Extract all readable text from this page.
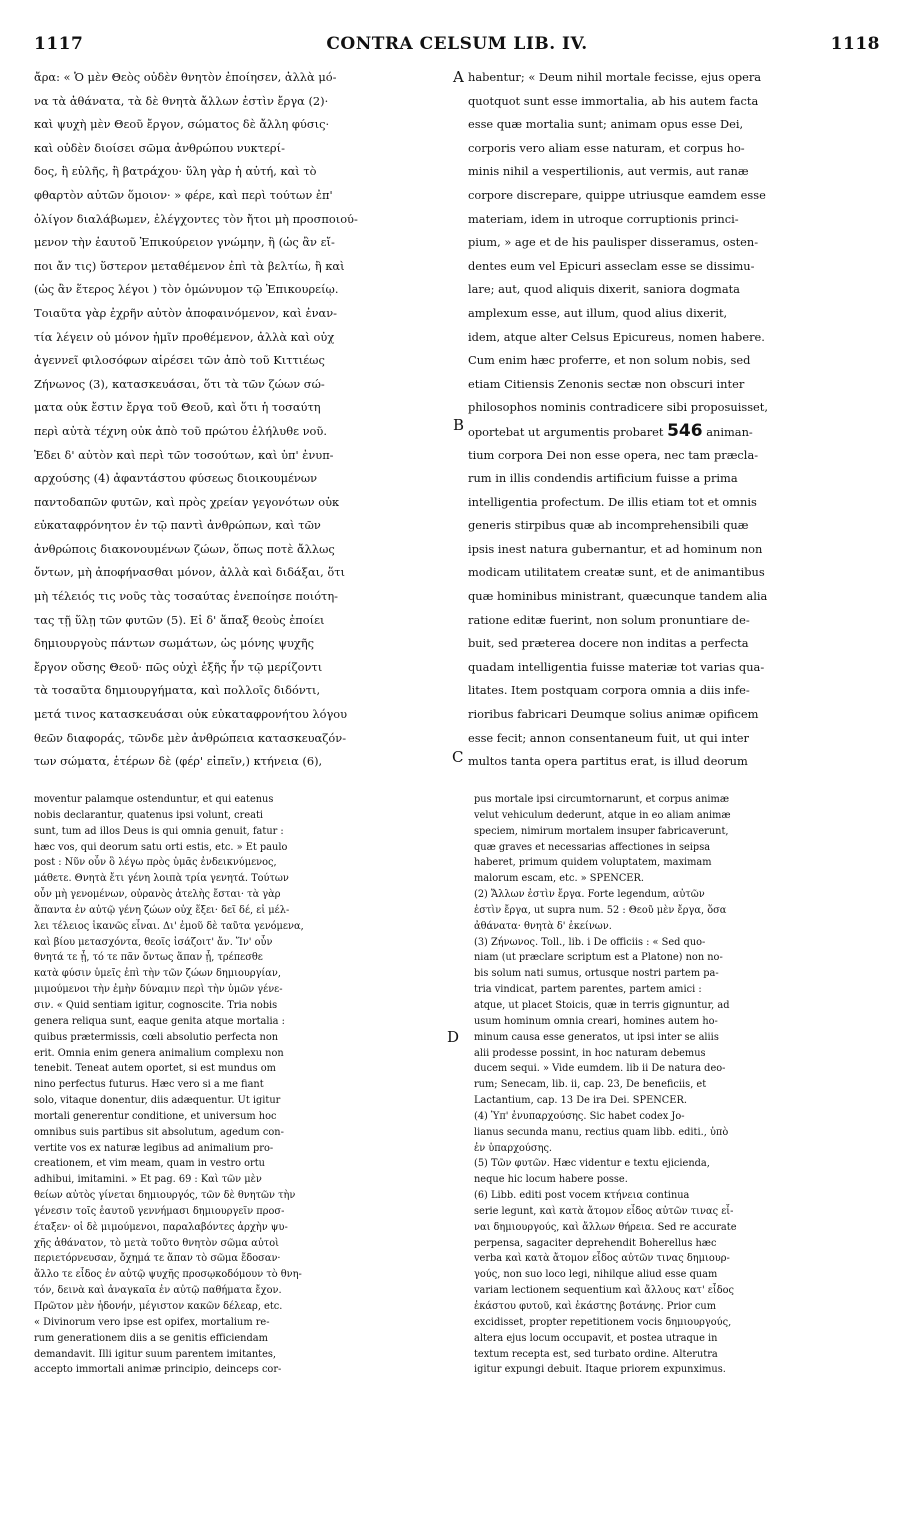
1117	CONTRA CELSUM LIB. IV.	1118
ἄρα: « Ὁ μὲν Θεὸς οὐδὲν θνητὸν ἐποίησεν, ἀλλὰ μό-
να τὰ ἀθάνατα, τὰ δὲ θνητὰ ἄλλων ἐστὶν ἔργα (2)·
καὶ ψυχὴ μὲν Θεοῦ ἔργον, σώματος δὲ ἄλλη φύσις·
καὶ οὐδὲν διοίσει σῶμα ἀνθρώπου νυκτερί-
δος, ἢ εὐλῆς, ἢ βατράχου· ὕλη γὰρ ἡ αὐτή, καὶ τὸ
φθαρτὸν αὐτῶν ὅμοιον· » φέρε, καὶ περὶ τούτων ἐπ'
ὀλίγον διαλάβωμεν, ἐλέγχοντες τὸν ἤτοι μὴ προσποιού-
μενον τὴν ἑαυτοῦ Ἐπικούρειον γνώμην, ἢ (ὡς ἂν εἴ-
ποι ἄν τις) ὕστερον μεταθέμενον ἐπὶ τὰ βελτίω, ἢ καὶ
(ὡς ἂν ἕτερος λέγοι ) τὸν ὁμώνυμον τῷ Ἐπικουρείῳ.
Τοιαῦτα γὰρ ἐχρῆν αὐτὸν ἀποφαινόμενον, καὶ ἐναν-
τία λέγειν οὐ μόνον ἡμῖν προθέμενον, ἀλλὰ καὶ οὐχ
ἀγεννεῖ φιλοσόφων αἱρέσει τῶν ἀπὸ τοῦ Κιττιέως
Ζήνωνος (3), κατασκευάσαι, ὅτι τὰ τῶν ζώων σώ-
ματα οὐκ ἔστιν ἔργα τοῦ Θεοῦ, καὶ ὅτι ἡ τοσαύτη
περὶ αὐτὰ τέχνη οὐκ ἀπὸ τοῦ πρώτου ἐλήλυθε νοῦ.
Ἐδει δ' αὐτὸν καὶ περὶ τῶν τοσούτων, καὶ ὑπ' ἐνυπ-
αρχούσης (4) ἀφαντάστου φύσεως διοικουμένων
παντοδαπῶν φυτῶν, καὶ πρὸς χρείαν γεγονότων οὐκ
εὐκαταφρόνητον ἐν τῷ παντὶ ἀνθρώπων, καὶ τῶν
ἀνθρώποις διακονουμένων ζώων, ὅπως ποτὲ ἄλλως
ὄντων, μὴ ἀποφήνασθαι μόνον, ἀλλὰ καὶ διδάξαι, ὅτι
μὴ τέλειός τις νοῦς τὰς τοσαύτας ἐνεποίησε ποιότη-
τας τῇ ὕλῃ τῶν φυτῶν (5). Εἰ δ' ἅπαξ θεοὺς ἐποίει
δημιουργοὺς πάντων σωμάτων, ὡς μόνης ψυχῆς
ἔργον οὔσης Θεοῦ· πῶς οὐχὶ ἑξῆς ἦν τῷ μερίζοντι
τὰ τοσαῦτα δημιουργήματα, καὶ πολλοῖς διδόντι,
μετά τινος κατασκευάσαι οὐκ εὐκαταφρονήτου λόγου
θεῶν διαφοράς, τῶνδε μὲν ἀνθρώπεια κατασκευαζόν-
των σώματα, ἑτέρων δὲ (φέρ' εἰπεῖν,) κτήνεια (6),
habentur; « Deum nihil mortale fecisse, ejus opera
quotquot sunt esse immortalia, ab his autem facta
esse quæ mortalia sunt; animam opus esse Dei,
corporis vero aliam esse naturam, et corpus ho-
minis nihil a vespertilionis, aut vermis, aut ranæ
corpore discrepare, quippe utriusque eamdem esse
materiam, idem in utroque corruptionis princi-
pium, » age et de his paulisper disseramus, osten-
dentes eum vel Epicuri asseclam esse se dissimu-
lare; aut, quod aliquis dixerit, saniora dogmata
amplexum esse, aut illum, quod alius dixerit,
idem, atque alter Celsus Epicureus, nomen habere.
Cum enim hæc proferre, et non solum nobis, sed
etiam Citiensis Zenonis sectæ non obscuri inter
philosophos nominis contradicere sibi proposuisset,
oportebat ut argumentis probaret 546 animan-
tium corpora Dei non esse opera, nec tam præcla-
rum in illis condendis artificium fuisse a prima
intelligentia profectum. De illis etiam tot et omnis
generis stirpibus quæ ab incomprehensibili quæ
ipsis inest natura gubernantur, et ad hominum non
modicam utilitatem creatæ sunt, et de animantibus
quæ hominibus ministrant, quæcunque tandem alia
ratione editæ fuerint, non solum pronuntiare de-
buit, sed præterea docere non inditas a perfecta
quadam intelligentia fuisse materiæ tot varias qua-
litates. Item postquam corpora omnia a diis infe-
rioribus fabricari Deumque solius animæ opificem
esse fecit; annon consentaneum fuit, ut qui inter
multos tanta opera partitus erat, is illud deorum
A
B
C
D
moventur palamque ostenduntur, et qui eatenus
nobis declarantur, quatenus ipsi volunt, creati
sunt, tum ad illos Deus is qui omnia genuit, fatur :
hæc vos, qui deorum satu orti estis, etc. » Et paulo
post : Νῦν οὖν ὃ λέγω πρὸς ὑμᾶς ἐνδεικνύμενος,
μάθετε. Θνητὰ ἔτι γένη λοιπὰ τρία γενητά. Τούτων
οὖν μὴ γενομένων, οὐρανὸς ἀτελὴς ἔσται· τὰ γὰρ
ἅπαντα ἐν αὐτῷ γένη ζώων οὐχ ἕξει· δεῖ δέ, εἰ μέλ-
λει τέλειος ἱκανῶς εἶναι. Δι' ἐμοῦ δὲ ταῦτα γενόμενα,
καὶ βίου μετασχόντα, θεοῖς ἰσάζοιτ' ἄν. Ἵν' οὖν
θνητά τε ᾖ, τό τε πᾶν ὄντως ἅπαν ᾖ, τρέπεσθε
κατὰ φύσιν ὑμεῖς ἐπὶ τὴν τῶν ζώων δημιουργίαν,
μιμούμενοι τὴν ἐμὴν δύναμιν περὶ τὴν ὑμῶν γένε-
σιν. « Quid sentiam igitur, cognoscite. Tria nobis
genera reliqua sunt, eaque genita atque mortalia :
quibus prætermissis, cœli absolutio perfecta non
erit. Omnia enim genera animalium complexu non
tenebit. Teneat autem oportet, si est mundus om
nino perfectus futurus. Hæc vero si a me fiant
solo, vitaque donentur, diis adæquentur. Ut igitur
mortali generentur conditione, et universum hoc
omnibus suis partibus sit absolutum, agedum con-
vertite vos ex naturæ legibus ad animalium pro-
creationem, et vim meam, quam in vestro ortu
adhibui, imitamini. » Et pag. 69 : Καὶ τῶν μὲν
θείων αὐτὸς γίνεται δημιουργός, τῶν δὲ θνητῶν τὴν
γένεσιν τοῖς ἑαυτοῦ γεννήμασι δημιουργεῖν προσ-
έταξεν· οἱ δὲ μιμούμενοι, παραλαβόντες ἀρχὴν ψυ-
χῆς ἀθάνατον, τὸ μετὰ τοῦτο θνητὸν σῶμα αὐτοὶ
περιετόρνευσαν, ὄχημά τε ἅπαν τὸ σῶμα ἔδοσαν·
ἄλλο τε εἶδος ἐν αὐτῷ ψυχῆς προσῳκοδόμουν τὸ θνη-
τόν, δεινὰ καὶ ἀναγκαῖα ἐν αὐτῷ παθήματα ἔχον.
Πρῶτον μὲν ἡδονήν, μέγιστον κακῶν δέλεαρ, etc.
« Divinorum vero ipse est opifex, mortalium re-
rum generationem diis a se genitis efficiendam
demandavit. Illi igitur suum parentem imitantes,
accepto immortali animæ principio, deinceps cor-
pus mortale ipsi circumtornarunt, et corpus animæ
velut vehiculum dederunt, atque in eo aliam animæ
speciem, nimirum mortalem insuper fabricaverunt,
quæ graves et necessarias affectiones in seipsa
haberet, primum quidem voluptatem, maximam
malorum escam, etc. » SPENCER.
(2) Ἄλλων ἐστὶν ἔργα. Forte legendum, αὐτῶν
ἐστὶν ἔργα, ut supra num. 52 : Θεοῦ μὲν ἔργα, ὅσα
ἀθάνατα· θνητὰ δ' ἐκείνων.
(3) Ζήνωνος. Toll., lib. i De officiis : « Sed quo-
niam (ut præclare scriptum est a Platone) non no-
bis solum nati sumus, ortusque nostri partem pa-
tria vindicat, partem parentes, partem amici :
atque, ut placet Stoicis, quæ in terris gignuntur, ad
usum hominum omnia creari, homines autem ho-
minum causa esse generatos, ut ipsi inter se aliis
alii prodesse possint, in hoc naturam debemus
ducem sequi. » Vide eumdem. lib ii De natura deo-
rum; Senecam, lib. ii, cap. 23, De beneficiis, et
Lactantium, cap. 13 De ira Dei. SPENCER.
(4) Ὑπ' ἐνυπαρχούσης. Sic habet codex Jo-
lianus secunda manu, rectius quam libb. editi., ὑπὸ
ἐν ὑπαρχούσης.
(5) Τῶν φυτῶν. Hæc videntur e textu ejicienda,
neque hic locum habere posse.
(6) Libb. editi post vocem κτήνεια continua
serie legunt, καὶ κατὰ ἄτομον εἶδος αὐτῶν τινας εἶ-
ναι δημιουργούς, καὶ ἄλλων θήρεια. Sed re accurate
perpensa, sagaciter deprehendit Boherellus hæc
verba καὶ κατὰ ἄτομον εἶδος αὐτῶν τινας δημιουρ-
γούς, non suo loco legi, nihilque aliud esse quam
variam lectionem sequentium καὶ ἄλλους κατ' εἶδος
ἑκάστου φυτοῦ, καὶ ἑκάστης βοτάνης. Prior cum
excidisset, propter repetitionem vocis δημιουργούς,
altera ejus locum occupavit, et postea utraque in
textum recepta est, sed turbato ordine. Alterutra
igitur expungi debuit. Itaque priorem expunximus.
